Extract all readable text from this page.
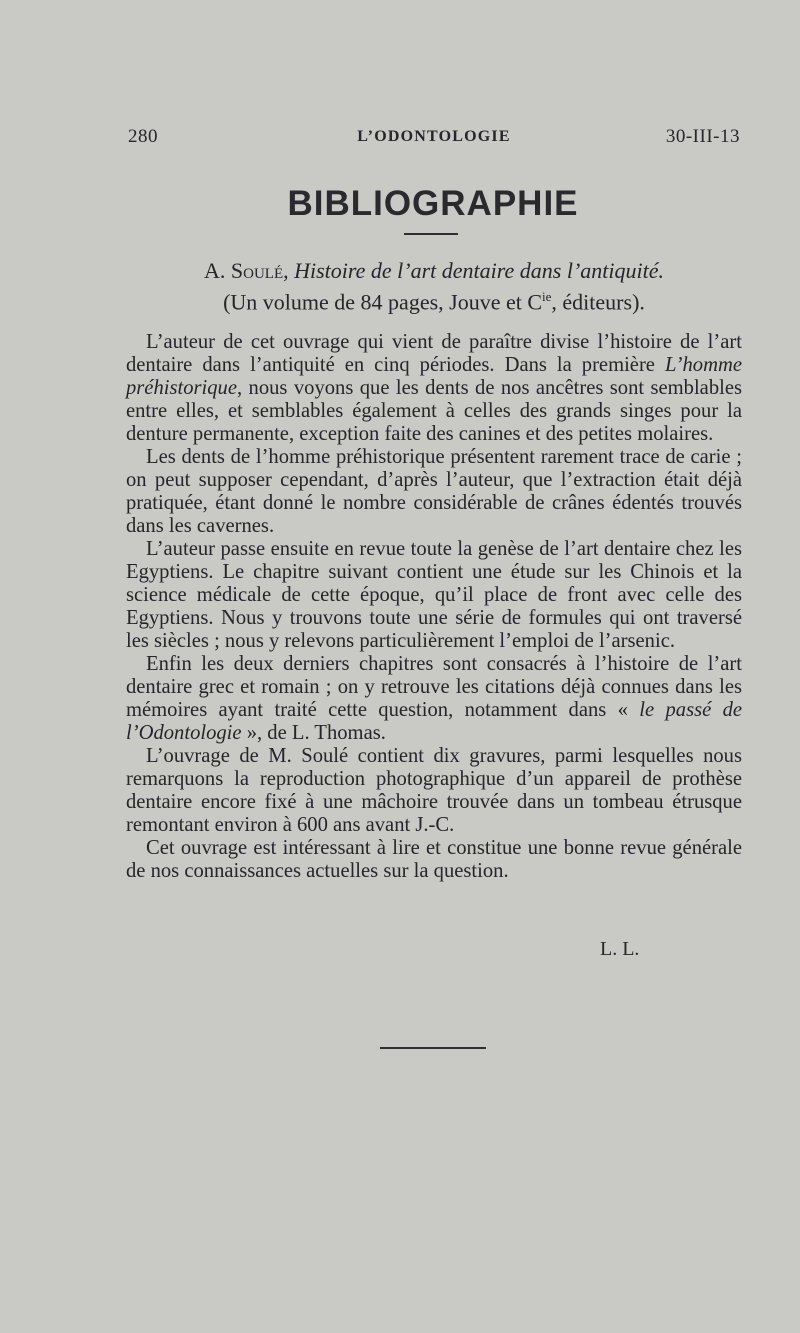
280	L’ODONTOLOGIE	30-III-13
BIBLIOGRAPHIE
A. Soulé, Histoire de l’art dentaire dans l’antiquité.
(Un volume de 84 pages, Jouve et $C^{ie}$, éditeurs).

L’auteur de cet ouvrage qui vient de paraître divise l’histoire de l’art dentaire dans l’antiquité en cinq périodes. Dans la première L’homme préhistorique, nous voyons que les dents de nos ancêtres sont semblables entre elles, et semblables également à celles des grands singes pour la denture permanente, exception faite des canines et des petites molaires.

Les dents de l’homme préhistorique présentent rarement trace de carie ; on peut supposer cependant, d’après l’auteur, que l’extraction était déjà pratiquée, étant donné le nombre considérable de crânes édentés trouvés dans les cavernes.

L’auteur passe ensuite en revue toute la genèse de l’art dentaire chez les Egyptiens. Le chapitre suivant contient une étude sur les Chinois et la science médicale de cette époque, qu’il place de front avec celle des Egyptiens. Nous y trouvons toute une série de formules qui ont traversé les siècles ; nous y relevons particulièrement l’emploi de l’arsenic.

Enfin les deux derniers chapitres sont consacrés à l’histoire de l’art dentaire grec et romain ; on y retrouve les citations déjà connues dans les mémoires ayant traité cette question, notamment dans « le passé de l’Odontologie », de L. Thomas.

L’ouvrage de M. Soulé contient dix gravures, parmi lesquelles nous remarquons la reproduction photographique d’un appareil de prothèse dentaire encore fixé à une mâchoire trouvée dans un tombeau étrusque remontant environ à 600 ans avant J.-C.

Cet ouvrage est intéressant à lire et constitue une bonne revue générale de nos connaissances actuelles sur la question.

L. L.
